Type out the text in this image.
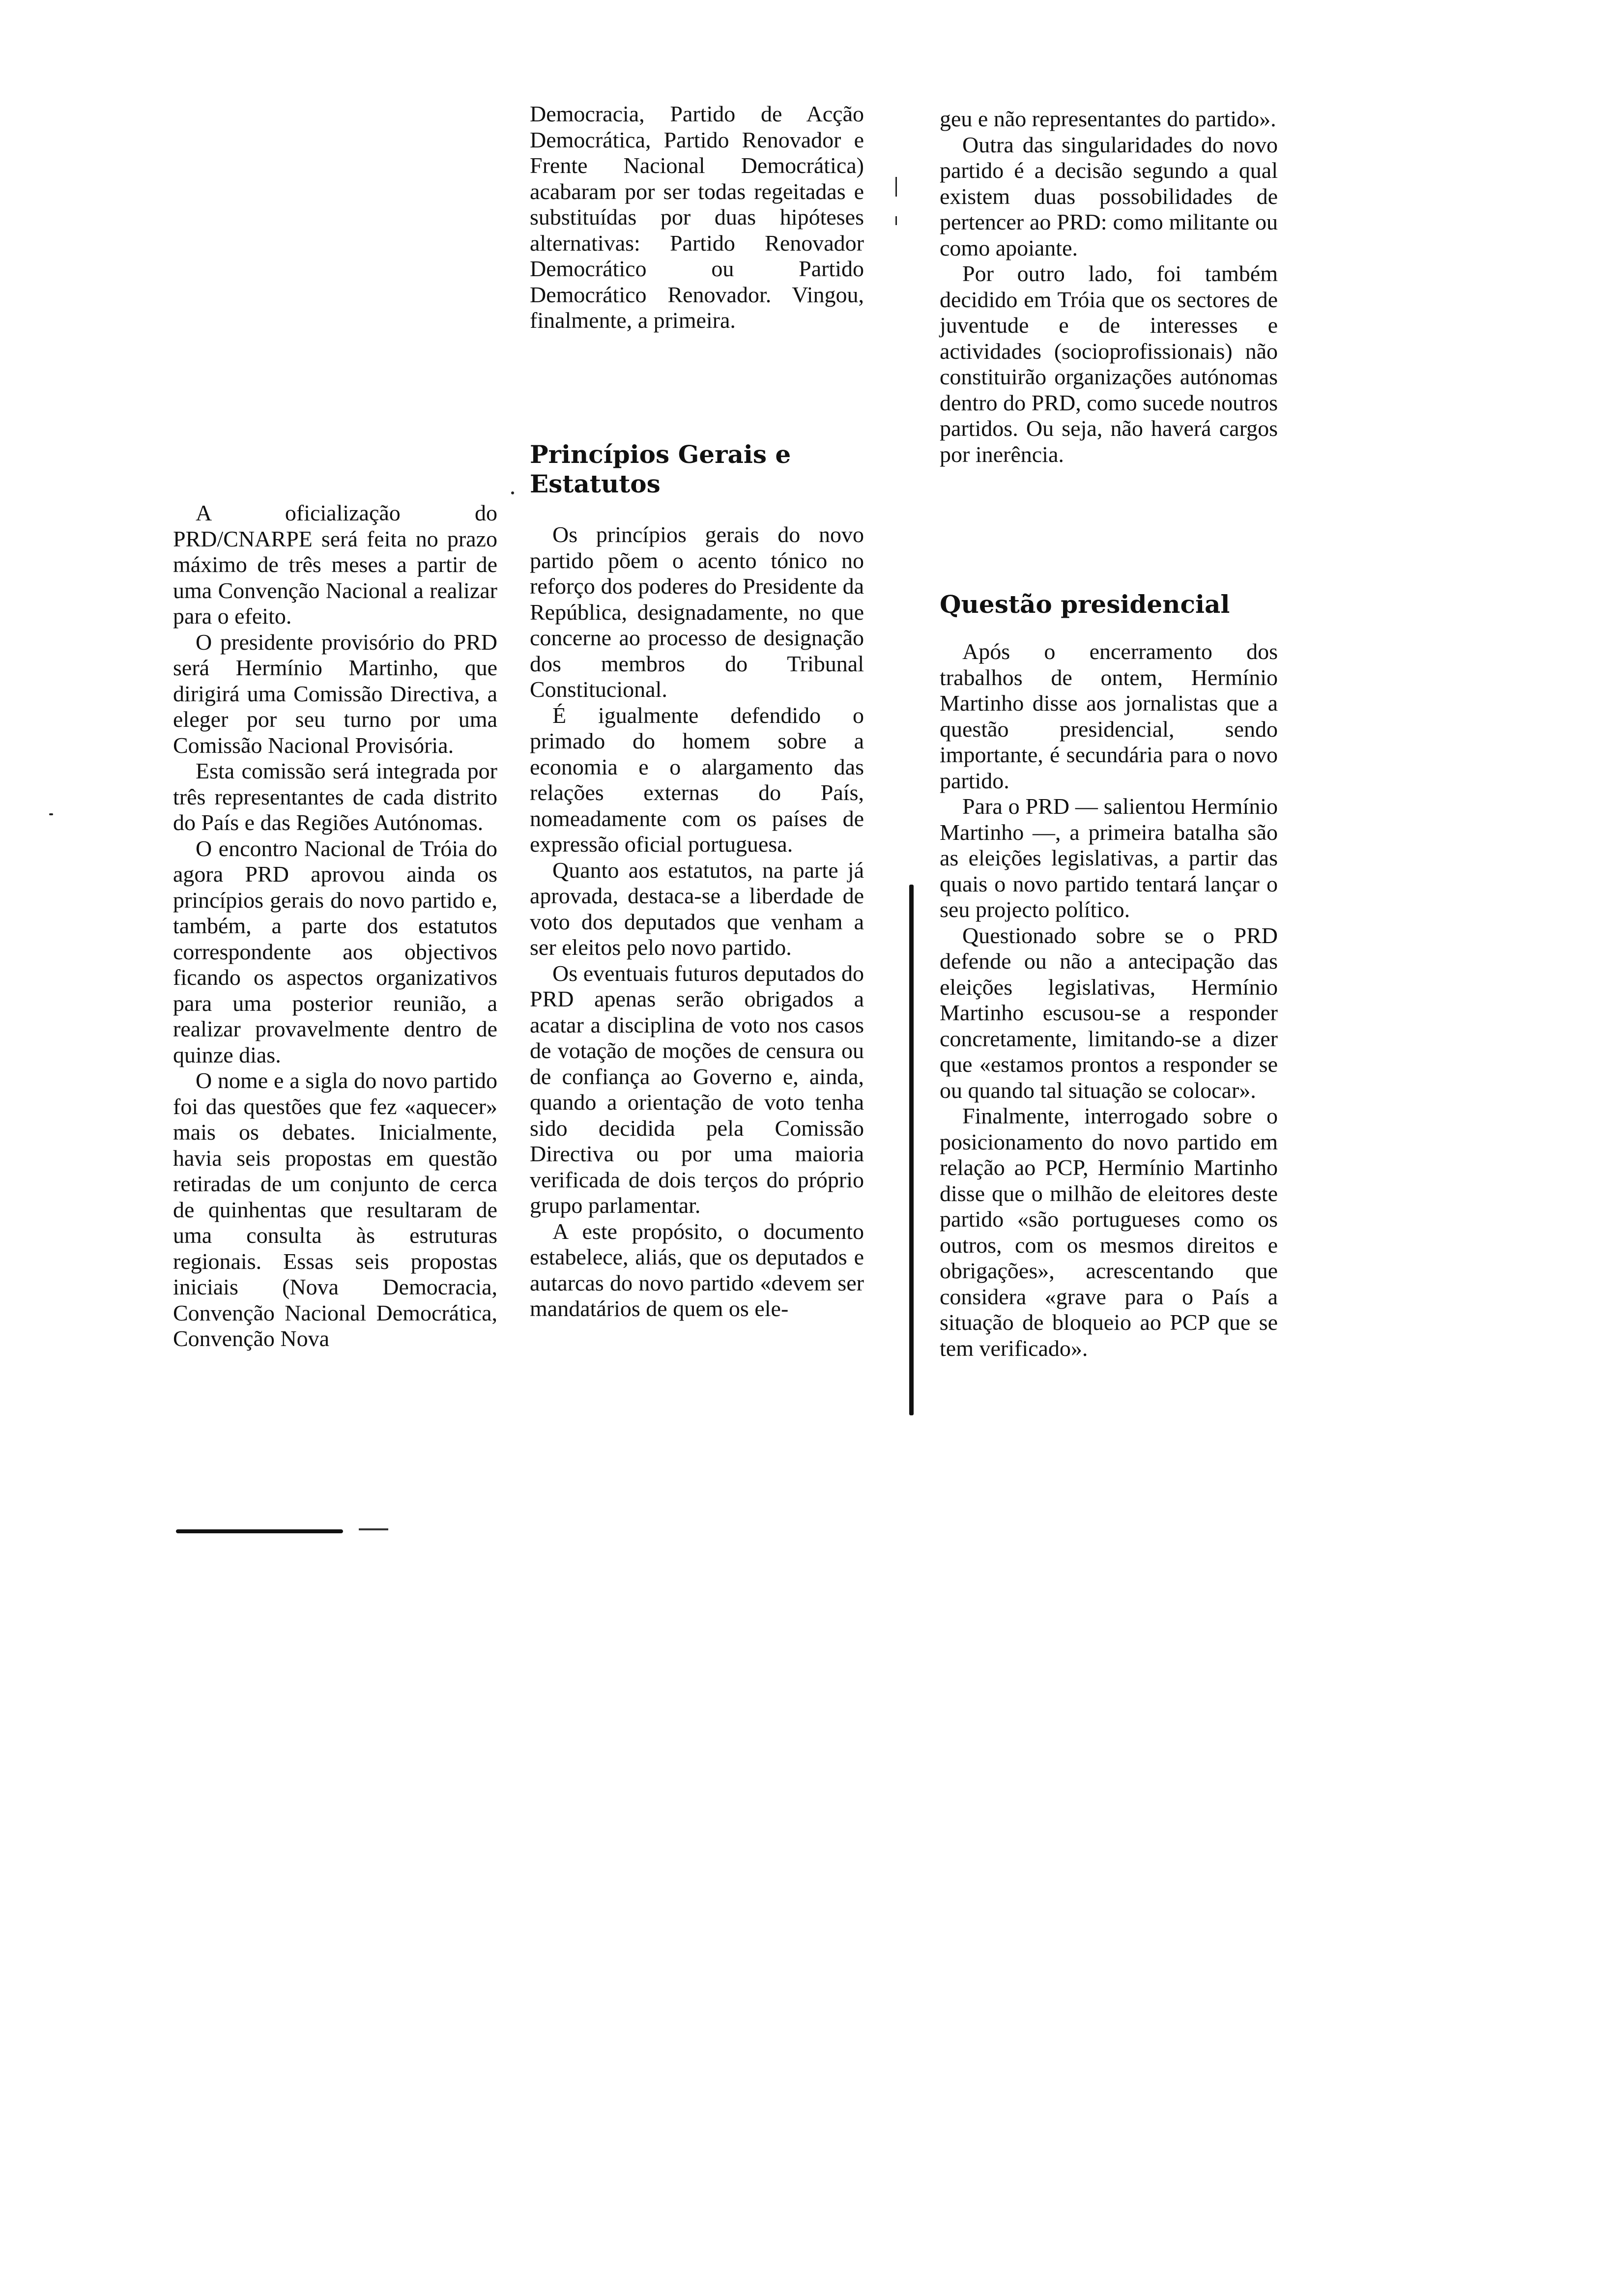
A oficialização do PRD/CNARPE será feita no prazo máximo de três meses a partir de uma Convenção Nacional a realizar para o efeito.

O presidente provisório do PRD será Hermínio Martinho, que dirigirá uma Comissão Directiva, a eleger por seu turno por uma Comissão Nacional Provisória.

Esta comissão será integrada por três representantes de cada distrito do País e das Regiões Autónomas.

O encontro Nacional de Tróia do agora PRD aprovou ainda os princípios gerais do novo partido e, também, a parte dos estatutos correspondente aos objectivos ficando os aspectos organizativos para uma posterior reunião, a realizar provavelmente dentro de quinze dias.

O nome e a sigla do novo partido foi das questões que fez «aquecer» mais os debates. Inicialmente, havia seis propostas em questão retiradas de um conjunto de cerca de quinhentas que resultaram de uma consulta às estruturas regionais. Essas seis propostas iniciais (Nova Democracia, Convenção Nacional Democrática, Convenção Nova

Democracia, Partido de Acção Democrática, Partido Renovador e Frente Nacional Democrática) acabaram por ser todas regeitadas e substituídas por duas hipóteses alternativas: Partido Renovador Democrático ou Partido Democrático Renovador. Vingou, finalmente, a primeira.

Princípios Gerais e Estatutos

Os princípios gerais do novo partido põem o acento tónico no reforço dos poderes do Presidente da República, designadamente, no que concerne ao processo de designação dos membros do Tribunal Constitucional.

É igualmente defendido o primado do homem sobre a economia e o alargamento das relações externas do País, nomeadamente com os países de expressão oficial portuguesa.

Quanto aos estatutos, na parte já aprovada, destaca-se a liberdade de voto dos deputados que venham a ser eleitos pelo novo partido.

Os eventuais futuros deputados do PRD apenas serão obrigados a acatar a disciplina de voto nos casos de votação de moções de censura ou de confiança ao Governo e, ainda, quando a orientação de voto tenha sido decidida pela Comissão Directiva ou por uma maioria verificada de dois terços do próprio grupo parlamentar.

A este propósito, o documento estabelece, aliás, que os deputados e autarcas do novo partido «devem ser mandatários de quem os ele-

geu e não representantes do partido».

Outra das singularidades do novo partido é a decisão segundo a qual existem duas possobilidades de pertencer ao PRD: como militante ou como apoiante.

Por outro lado, foi também decidido em Tróia que os sectores de juventude e de interesses e actividades (socioprofissionais) não constituirão organizações autónomas dentro do PRD, como sucede noutros partidos. Ou seja, não haverá cargos por inerência.

Questão presidencial

Após o encerramento dos trabalhos de ontem, Hermínio Martinho disse aos jornalistas que a questão presidencial, sendo importante, é secundária para o novo partido.

Para o PRD — salientou Hermínio Martinho —, a primeira batalha são as eleições legislativas, a partir das quais o novo partido tentará lançar o seu projecto político.

Questionado sobre se o PRD defende ou não a antecipação das eleições legislativas, Hermínio Martinho escusou-se a responder concretamente, limitando-se a dizer que «estamos prontos a responder se ou quando tal situação se colocar».

Finalmente, interrogado sobre o posicionamento do novo partido em relação ao PCP, Hermínio Martinho disse que o milhão de eleitores deste partido «são portugueses como os outros, com os mesmos direitos e obrigações», acrescentando que considera «grave para o País a situação de bloqueio ao PCP que se tem verificado».
